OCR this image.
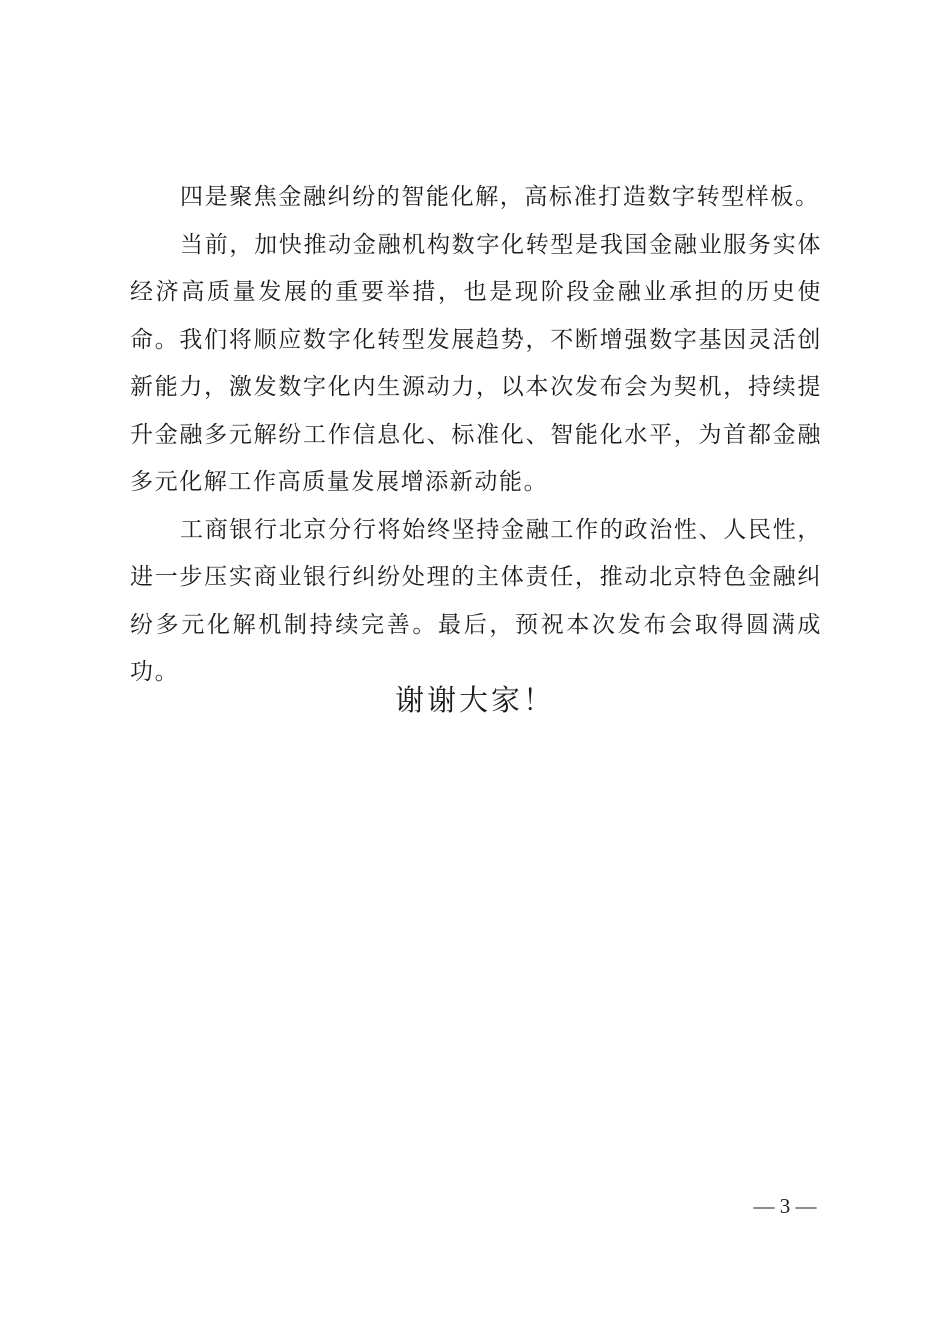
四是聚焦金融纠纷的智能化解，高标准打造数字转型样板。

当前，加快推动金融机构数字化转型是我国金融业服务实体经济高质量发展的重要举措，也是现阶段金融业承担的历史使命。我们将顺应数字化转型发展趋势，不断增强数字基因灵活创新能力，激发数字化内生源动力，以本次发布会为契机，持续提升金融多元解纷工作信息化、标准化、智能化水平，为首都金融多元化解工作高质量发展增添新动能。

工商银行北京分行将始终坚持金融工作的政治性、人民性，进一步压实商业银行纠纷处理的主体责任，推动北京特色金融纠纷多元化解机制持续完善。最后，预祝本次发布会取得圆满成功。

谢谢大家！
— 3 —
